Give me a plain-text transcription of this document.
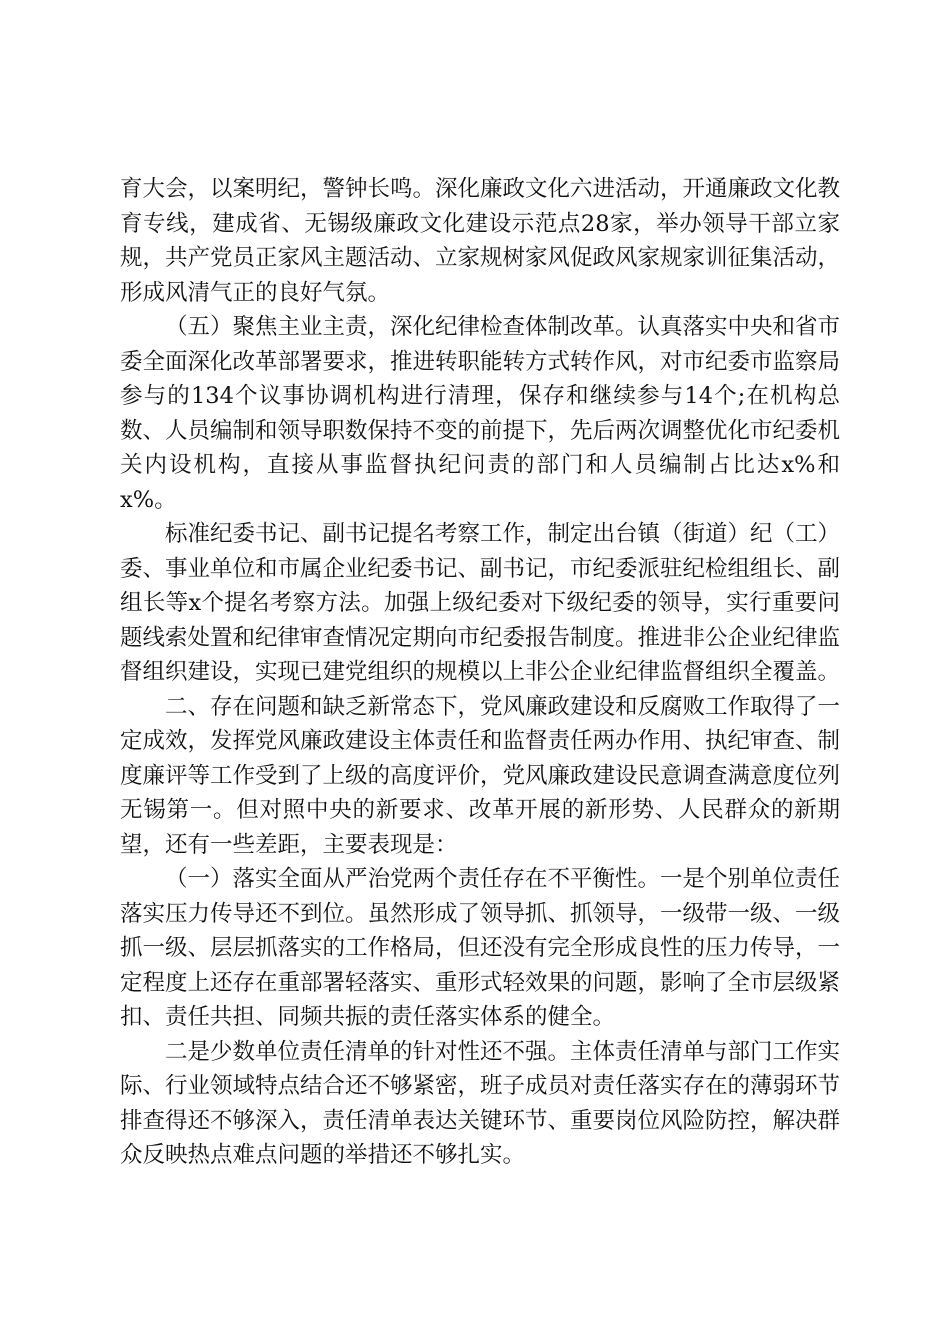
育大会，以案明纪，警钟长鸣。深化廉政文化六进活动，开通廉政文化教育专线，建成省、无锡级廉政文化建设示范点28家，举办领导干部立家规，共产党员正家风主题活动、立家规树家风促政风家规家训征集活动，形成风清气正的良好气氛。

（五）聚焦主业主责，深化纪律检查体制改革。认真落实中央和省市委全面深化改革部署要求，推进转职能转方式转作风，对市纪委市监察局参与的134个议事协调机构进行清理，保存和继续参与14个;在机构总数、人员编制和领导职数保持不变的前提下，先后两次调整优化市纪委机关内设机构，直接从事监督执纪问责的部门和人员编制占比达x%和x%。

标准纪委书记、副书记提名考察工作，制定出台镇（街道）纪（工）委、事业单位和市属企业纪委书记、副书记，市纪委派驻纪检组组长、副组长等x个提名考察方法。加强上级纪委对下级纪委的领导，实行重要问题线索处置和纪律审查情况定期向市纪委报告制度。推进非公企业纪律监督组织建设，实现已建党组织的规模以上非公企业纪律监督组织全覆盖。

二、存在问题和缺乏新常态下，党风廉政建设和反腐败工作取得了一定成效，发挥党风廉政建设主体责任和监督责任两办作用、执纪审查、制度廉评等工作受到了上级的高度评价，党风廉政建设民意调查满意度位列无锡第一。但对照中央的新要求、改革开展的新形势、人民群众的新期望，还有一些差距，主要表现是：

（一）落实全面从严治党两个责任存在不平衡性。一是个别单位责任落实压力传导还不到位。虽然形成了领导抓、抓领导，一级带一级、一级抓一级、层层抓落实的工作格局，但还没有完全形成良性的压力传导，一定程度上还存在重部署轻落实、重形式轻效果的问题，影响了全市层级紧扣、责任共担、同频共振的责任落实体系的健全。

二是少数单位责任清单的针对性还不强。主体责任清单与部门工作实际、行业领域特点结合还不够紧密，班子成员对责任落实存在的薄弱环节排查得还不够深入，责任清单表达关键环节、重要岗位风险防控，解决群众反映热点难点问题的举措还不够扎实。
